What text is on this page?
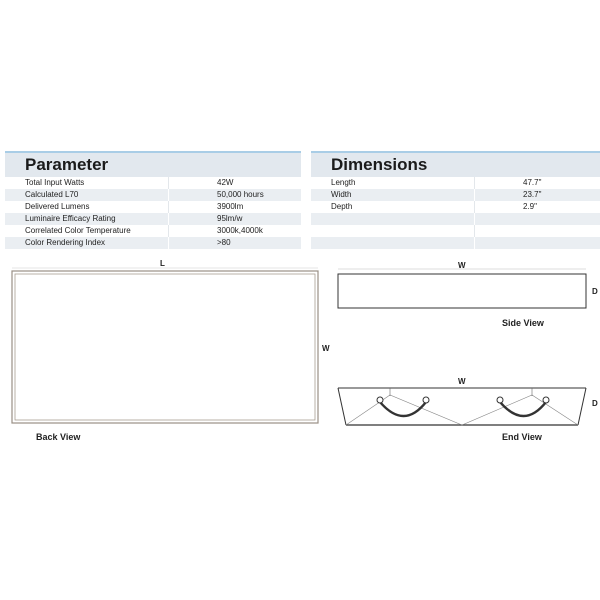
Parameter
Total Input Watts	42W
Calculated L70	50,000 hours
Delivered Lumens	3900lm
Luminaire Efficacy Rating	95lm/w
Correlated Color Temperature	3000k,4000k
Color Rendering Index	>80
Dimensions
Length	47.7"
Width	23.7"
Depth	2.9"
L
W
Back View
W
D
Side View
W
D
End View
